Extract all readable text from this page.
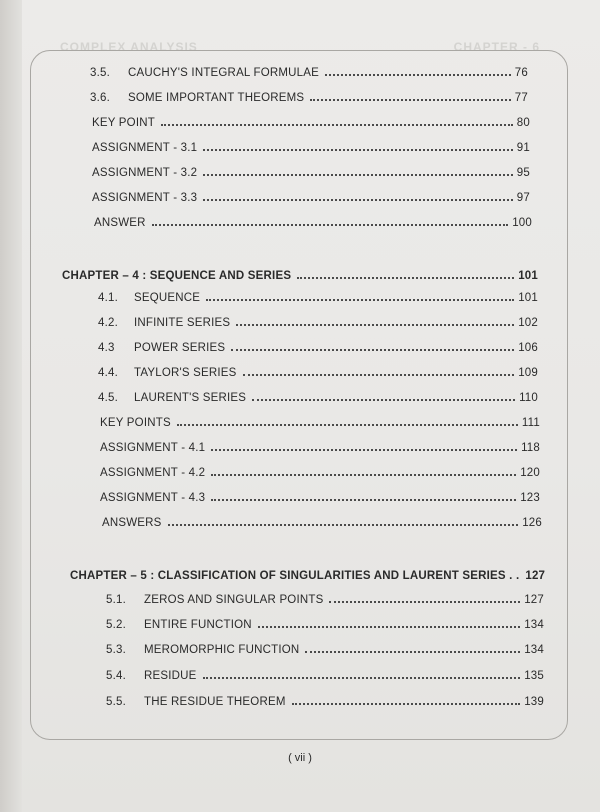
COMPLEX ANALYSIS	CHAPTER - 6
3.5.	CAUCHY'S INTEGRAL FORMULAE	76
3.6.	SOME IMPORTANT THEOREMS	77
KEY POINT	80
ASSIGNMENT - 3.1	91
ASSIGNMENT - 3.2	95
ASSIGNMENT - 3.3	97
ANSWER	100
CHAPTER – 4 : SEQUENCE AND SERIES	101
4.1.	SEQUENCE	101
4.2.	INFINITE SERIES	102
4.3	POWER SERIES	106
4.4.	TAYLOR'S SERIES	109
4.5.	LAURENT'S SERIES	110
KEY POINTS	111
ASSIGNMENT - 4.1	118
ASSIGNMENT - 4.2	120
ASSIGNMENT - 4.3	123
ANSWERS	126
CHAPTER – 5 : CLASSIFICATION OF SINGULARITIES AND LAURENT SERIES . . 127
5.1.	ZEROS AND SINGULAR POINTS	127
5.2.	ENTIRE FUNCTION	134
5.3.	MEROMORPHIC FUNCTION	134
5.4.	RESIDUE	135
5.5.	THE RESIDUE THEOREM	139
( vii )
